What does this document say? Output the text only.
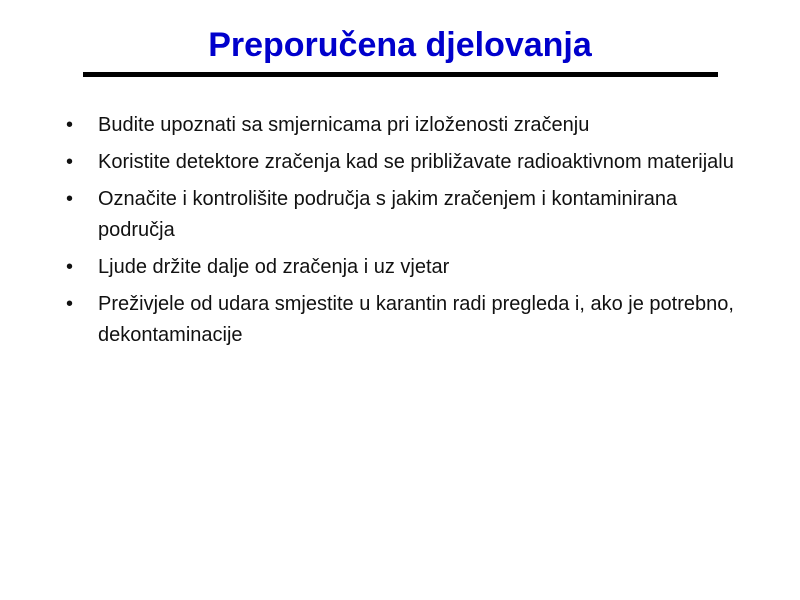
Preporučena djelovanja
•	Budite upoznati sa smjernicama pri izloženosti zračenju
•	Koristite detektore zračenja kad se približavate radioaktivnom materijalu
•	Označite i kontrolišite područja s jakim zračenjem i kontaminirana područja
•	Ljude držite dalje od zračenja i uz vjetar
•	Preživjele od udara smjestite u karantin radi pregleda i, ako je potrebno, dekontaminacije
